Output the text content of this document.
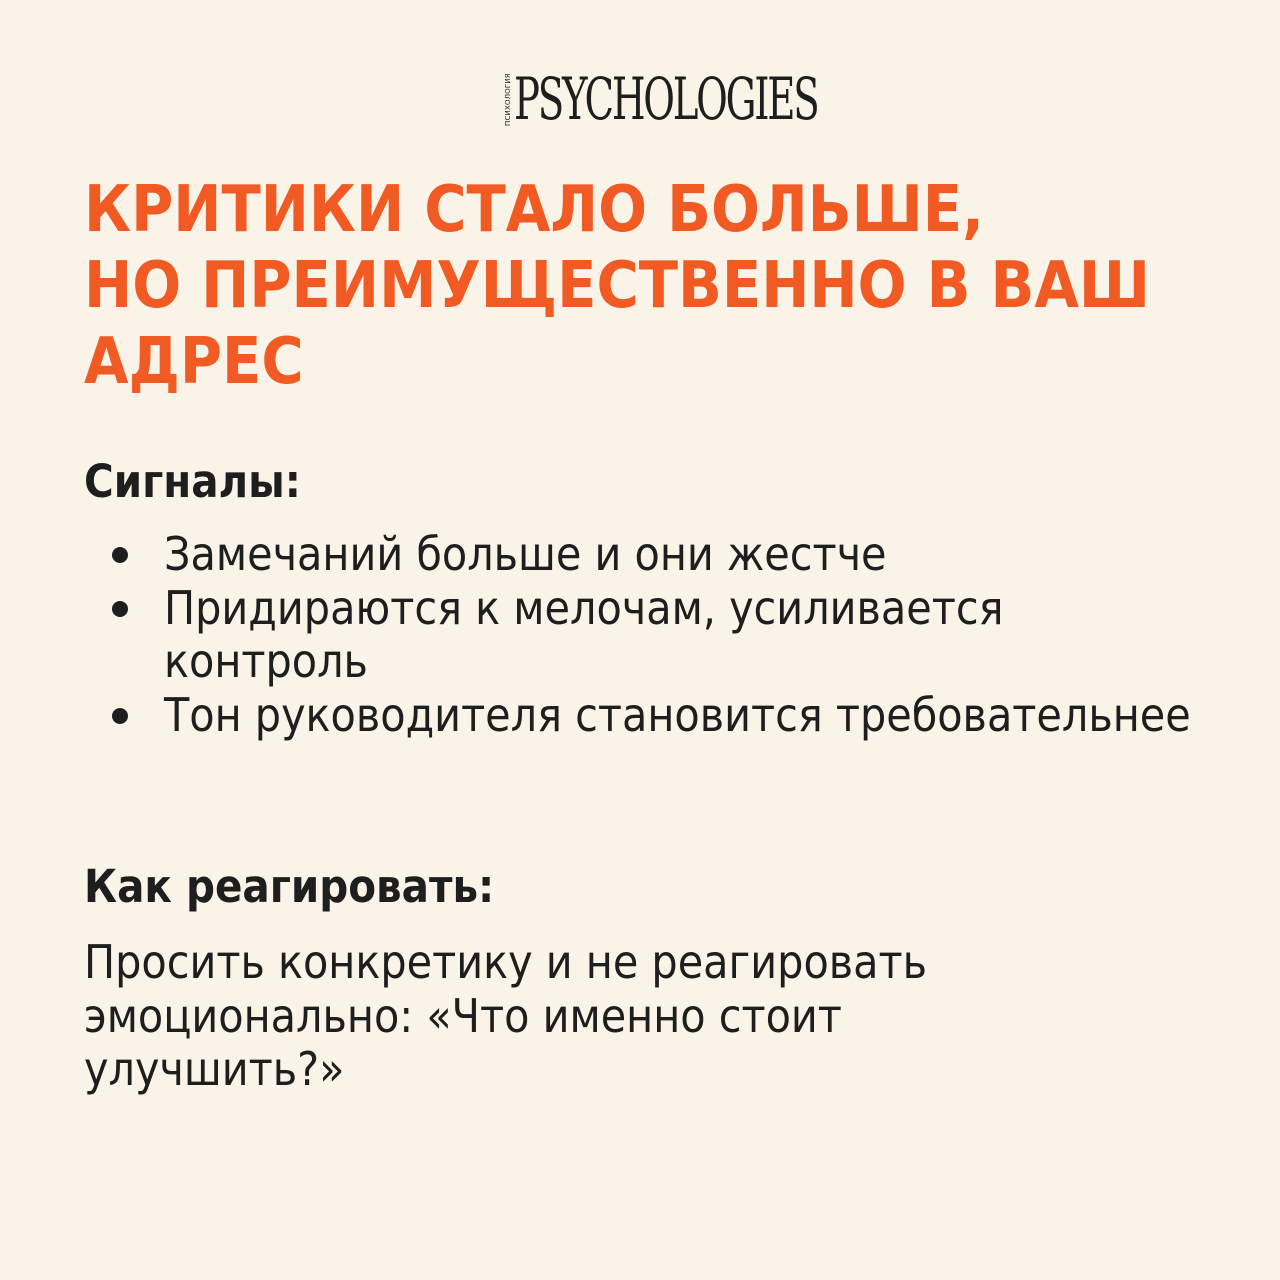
ПСИХОЛОГИЯ PSYCHOLOGIES
КРИТИКИ СТАЛО БОЛЬШЕ,
НО ПРЕИМУЩЕСТВЕННО В ВАШ
АДРЕС
Сигналы:
Замечаний больше и они жестче
Придираются к мелочам, усиливается контроль
Тон руководителя становится требовательнее
Как реагировать:

Просить конкретику и не реагировать
эмоционально: «Что именно стоит
улучшить?»
